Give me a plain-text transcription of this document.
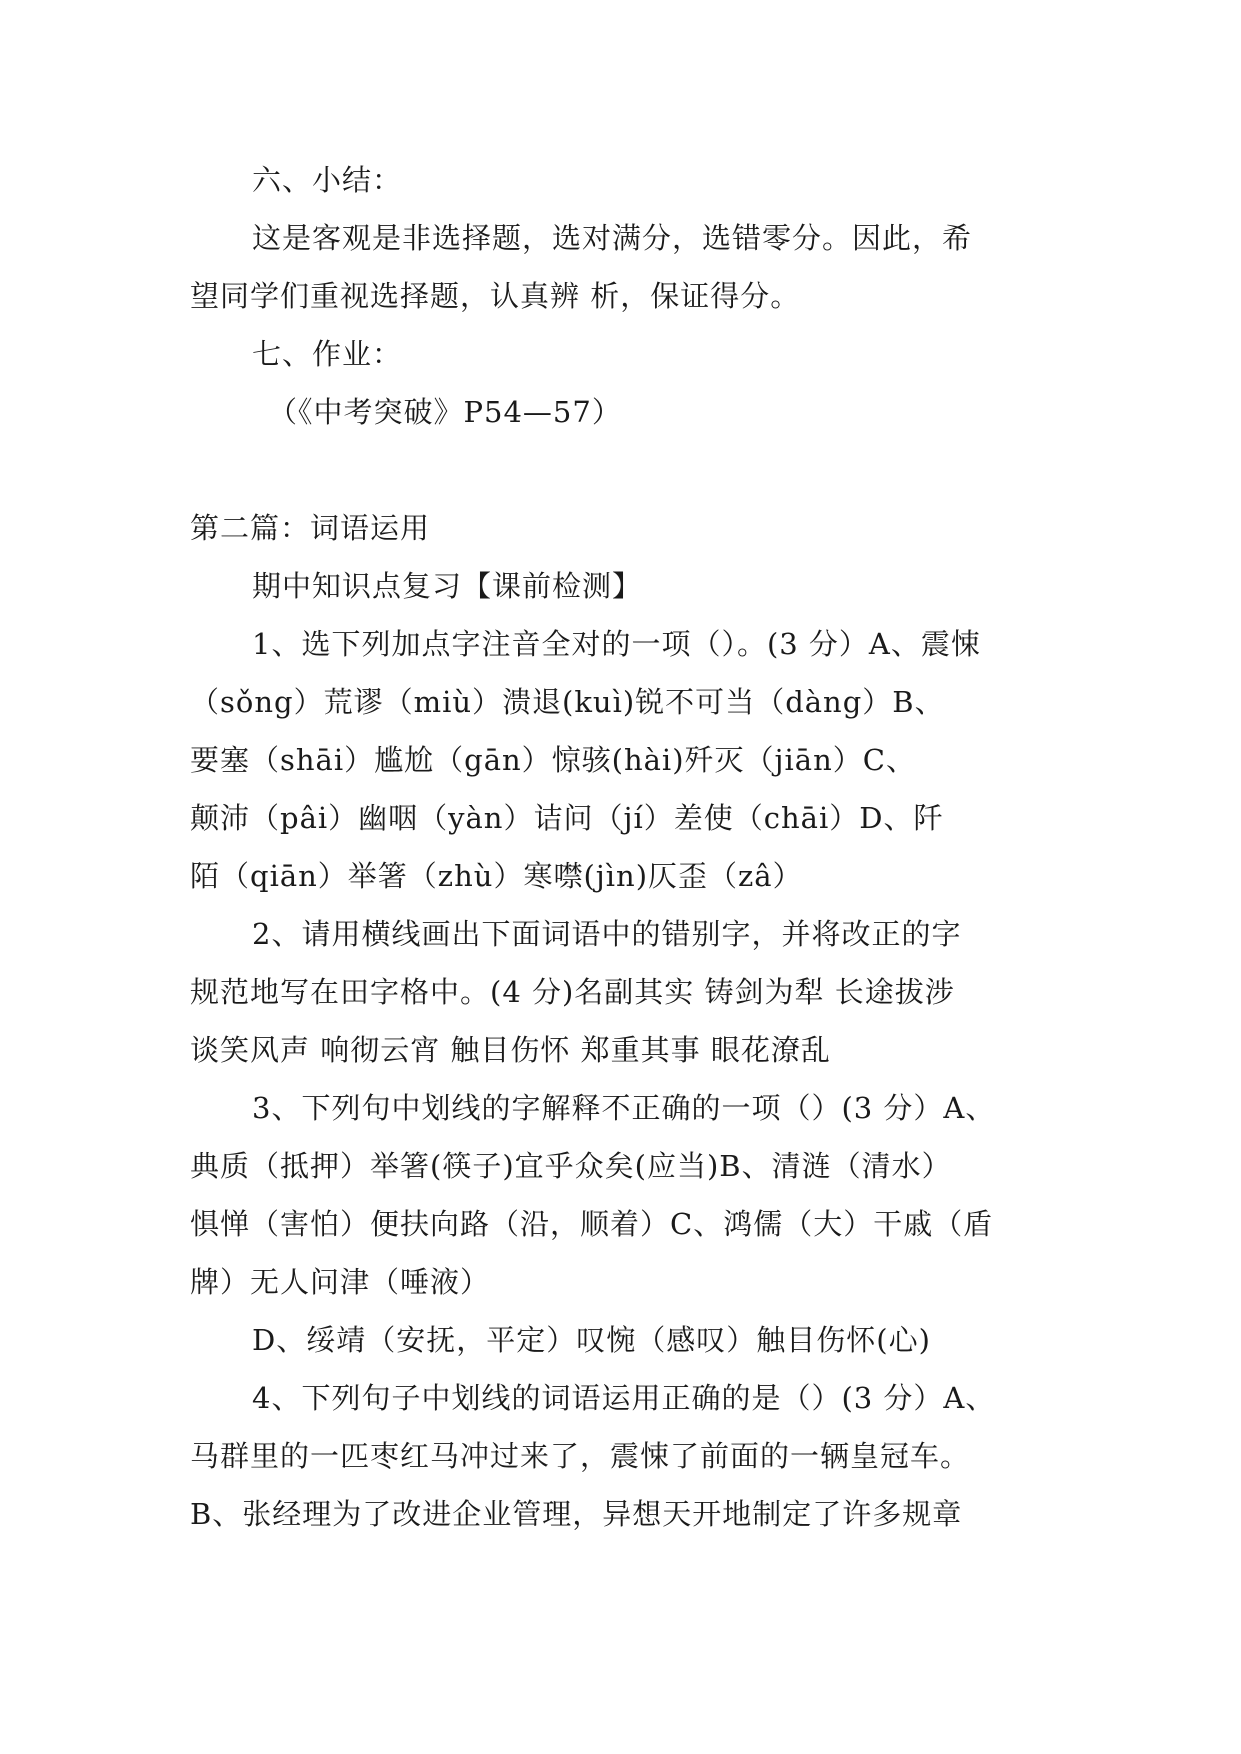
六、小结：
这是客观是非选择题，选对满分，选错零分。因此，希
望同学们重视选择题，认真辨 析，保证得分。
七、作业：
（《中考突破》P54—57）
第二篇：词语运用
期中知识点复习【课前检测】
1、选下列加点字注音全对的一项（）。(3 分）A、震悚
（sǒng）荒谬（miù）溃退(kuì)锐不可当（dàng）B、
要塞（shāi）尴尬（gān）惊骇(hài)歼灭（jiān）C、
颠沛（pâi）幽咽（yàn）诘问（jí）差使（chāi）D、阡
陌（qiān）举箸（zhù）寒噤(jìn)仄歪（zâ）
2、请用横线画出下面词语中的错别字，并将改正的字
规范地写在田字格中。(4 分)名副其实 铸剑为犁 长途拔涉
谈笑风声 响彻云宵 触目伤怀 郑重其事 眼花潦乱
3、下列句中划线的字解释不正确的一项（）(3 分）A、
典质（抵押）举箸(筷子)宜乎众矣(应当)B、清涟（清水）
惧惮（害怕）便扶向路（沿，顺着）C、鸿儒（大）干戚（盾
牌）无人问津（唾液）
D、绥靖（安抚，平定）叹惋（感叹）触目伤怀(心)
4、下列句子中划线的词语运用正确的是（）(3 分）A、
马群里的一匹枣红马冲过来了，震悚了前面的一辆皇冠车。
B、张经理为了改进企业管理，异想天开地制定了许多规章
